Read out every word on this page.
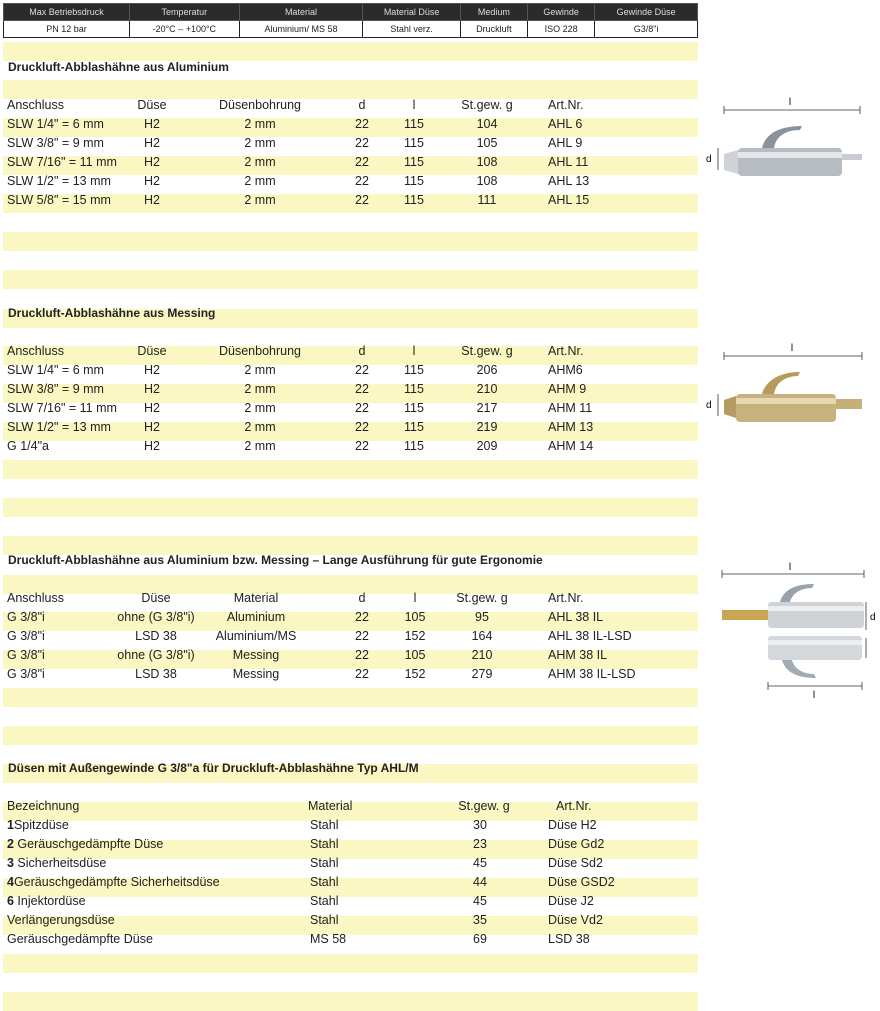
Max Betriebsdruck	Temperatur	Material	Material Düse	Medium	Gewinde	Gewinde Düse
PN 12 bar	-20°C – +100°C	Aluminium/ MS 58	Stahl verz.	Druckluft	ISO 228	G3/8"i
Druckluft-Abblashähne aus Aluminium
Anschluss	Düse	Düsenbohrung	d	l	St.gew. g	Art.Nr.
SLW 1/4" = 6 mm	H2	2 mm	22	115	104	AHL 6
SLW 3/8" = 9 mm	H2	2 mm	22	115	105	AHL 9
SLW 7/16" = 11 mm	H2	2 mm	22	115	108	AHL 11
SLW 1/2" = 13 mm	H2	2 mm	22	115	108	AHL 13
SLW 5/8" = 15 mm	H2	2 mm	22	115	111	AHL 15
Druckluft-Abblashähne aus Messing
Anschluss	Düse	Düsenbohrung	d	l	St.gew. g	Art.Nr.
SLW 1/4" = 6 mm	H2	2 mm	22	115	206	AHM6
SLW 3/8" = 9 mm	H2	2 mm	22	115	210	AHM 9
SLW 7/16" = 11 mm	H2	2 mm	22	115	217	AHM 11
SLW 1/2" = 13 mm	H2	2 mm	22	115	219	AHM 13
G 1/4"a	H2	2 mm	22	115	209	AHM 14
Druckluft-Abblashähne aus Aluminium bzw. Messing – Lange Ausführung für gute Ergonomie
Anschluss	Düse	Material	d	l	St.gew. g	Art.Nr.
G 3/8"i	ohne (G 3/8"i)	Aluminium	22	105	95	AHL 38 IL
G 3/8"i	LSD 38	Aluminium/MS	22	152	164	AHL 38 IL-LSD
G 3/8"i	ohne (G 3/8"i)	Messing	22	105	210	AHM 38 IL
G 3/8"i	LSD 38	Messing	22	152	279	AHM 38 IL-LSD
Düsen mit Außengewinde G 3/8"a für Druckluft-Abblashähne Typ AHL/M
Bezeichnung	Material	St.gew. g	Art.Nr.
1Spitzdüse	Stahl	30	Düse H2
2 Geräuschgedämpfte Düse	Stahl	23	Düse Gd2
3 Sicherheitsdüse	Stahl	45	Düse Sd2
4Geräuschgedämpfte Sicherheitsdüse	Stahl	44	Düse GSD2
6 Injektordüse	Stahl	45	Düse J2
Verlängerungsdüse	Stahl	35	Düse Vd2
Geräuschgedämpfte Düse	MS 58	69	LSD 38
l
d
l
d
l
d
l
